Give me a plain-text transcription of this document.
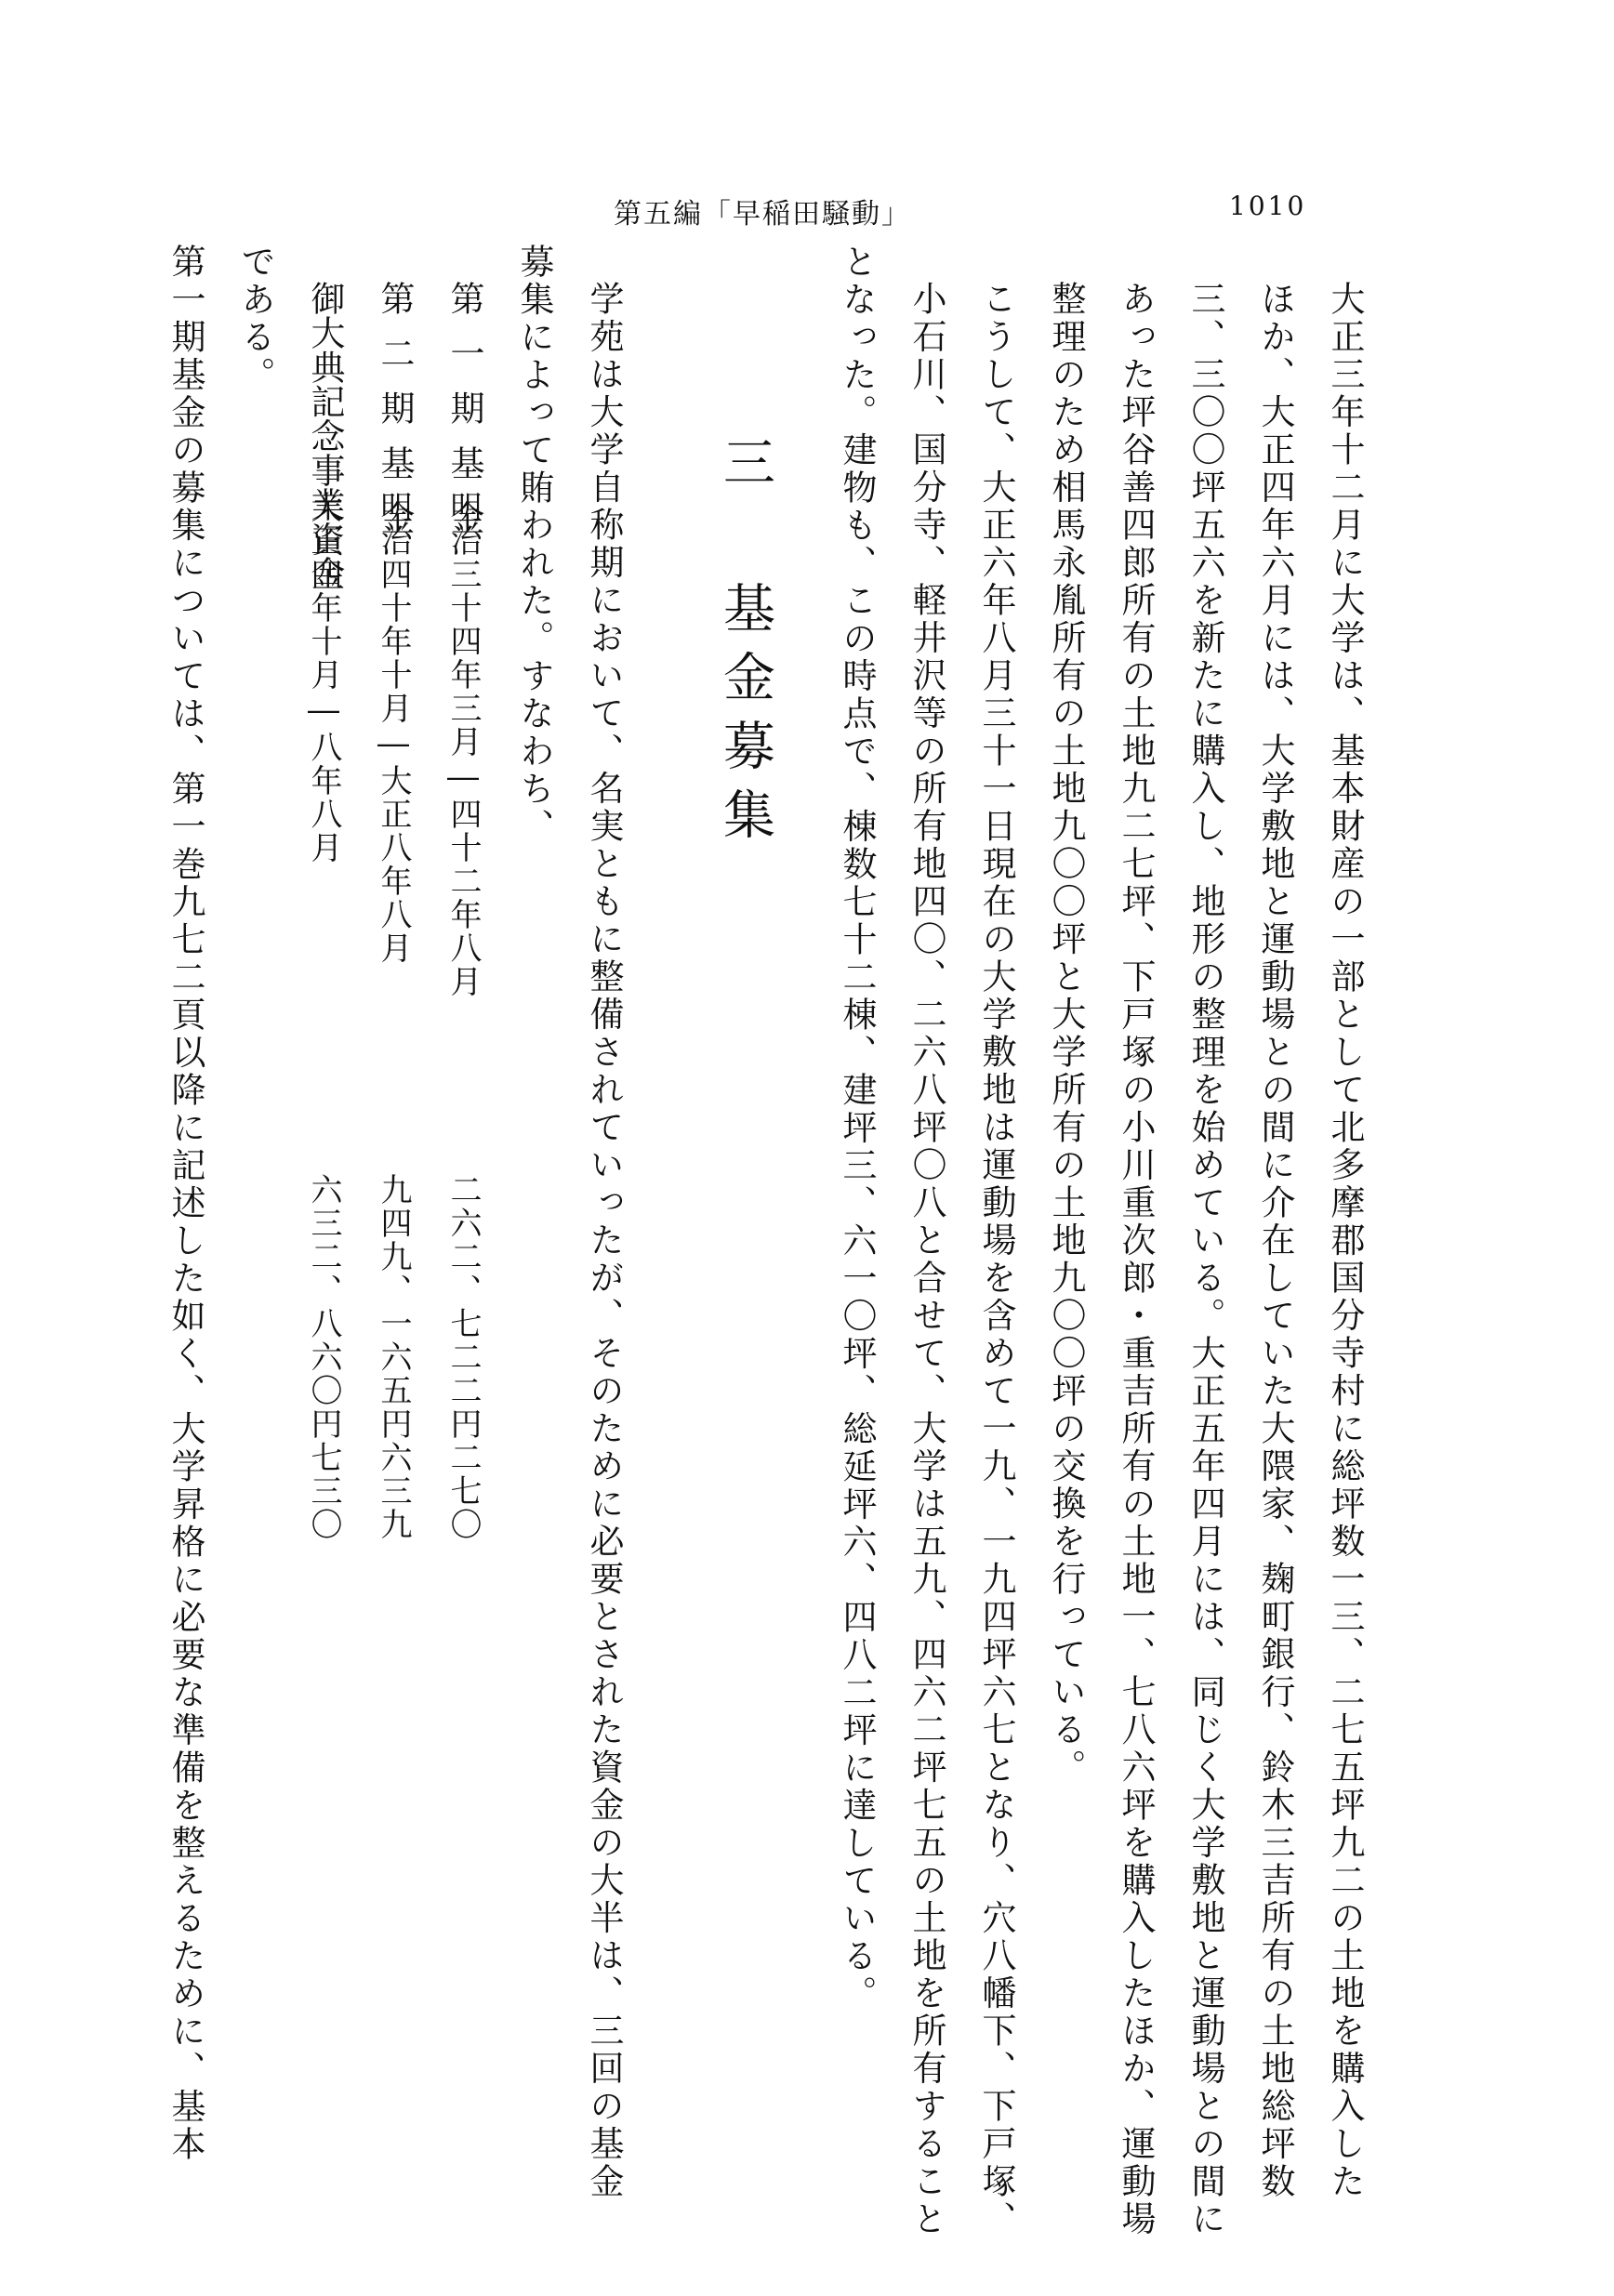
第五編「早稲田騒動」	1010
大正三年十二月に大学は、基本財産の一部として北多摩郡国分寺村に総坪数一三、二七五坪九二の土地を購入した
ほか、大正四年六月には、大学敷地と運動場との間に介在していた大隈家、麹町銀行、鈴木三吉所有の土地総坪数
三、三〇〇坪五六を新たに購入し、地形の整理を始めている。大正五年四月には、同じく大学敷地と運動場との間に
あった坪谷善四郎所有の土地九二七坪、下戸塚の小川重次郎・重吉所有の土地一、七八六坪を購入したほか、運動場
整理のため相馬永胤所有の土地九〇〇坪と大学所有の土地九〇〇坪の交換を行っている。
こうして、大正六年八月三十一日現在の大学敷地は運動場を含めて一九、一九四坪六七となり、穴八幡下、下戸塚、
小石川、国分寺、軽井沢等の所有地四〇、二六八坪〇八と合せて、大学は五九、四六二坪七五の土地を所有すること
となった。建物も、この時点で、棟数七十二棟、建坪三、六一〇坪、総延坪六、四八二坪に達している。
三 基金募集
学苑は大学自称期において、名実ともに整備されていったが、そのために必要とされた資金の大半は、三回の基金
募集によって賄われた。すなわち、
第一期基金
明治三十四年三月―四十二年八月
二六二、七二二円二七〇
第二期基金
明治四十年十月―大正八年八月
九四九、一六五円六三九
御大典記念事業資金
大正四年十月―八年八月
六三二、八六〇円七三〇
である。
第一期基金の募集については、第一巻九七二頁以降に記述した如く、大学昇格に必要な準備を整えるために、基本
